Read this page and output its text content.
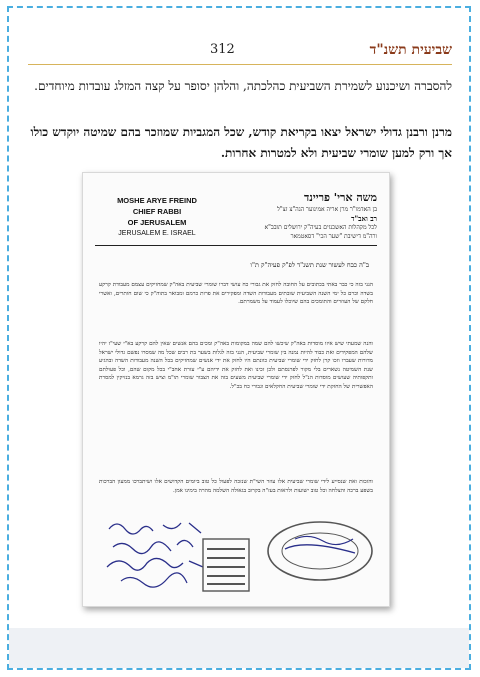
שביעית תשנ"ד
312
להסברה ושיכנוע לשמירת השביעית כהלכתה, והלהן יסופר על קצה המזלג עובדות מיוחדים.
מרנן ורבנן גדולי ישראל יצאו בקריאת קודש, שכל המגביות שמוזכר בהם שמיטה יוקדש כולו אך ורק למען שומרי שביעית ולא למטרות אחרות.
MOSHE ARYE FREIND
CHIEF RABBI
OF JERUSALEM
JERUSALEM E. ISRAEL
משה ארי' פריינד
בן האדמו"ר מרן אריה אמינוער הגה"צ זצ"ל
רב ואב"ד
לכל מקהלות האשכנזים בעיה"ק ירושלים תובב"א
ורה"מ דישיבת "שער הכי" דסאטמאר
ב"ה כבח לעשור שנת תשנ"ד לפ"ק פעיה"ק ת"ו
הנני בזה כי כבר באתי בכתובים על החובה לחזק את גבורי כח עושי דברו שומרי שביעית באה"ק שמחזיקים עצמם מעבודת קרקע בשדה וכרם כל ימי השנה השביעית שובתים מעבודות השדה ומפקירים את פרות כרמם ומבואר בתוה"ק כי שום חותרים, ואשרי חלקם של העוזרים והתומכים בהם שיוכלו לעמוד על משמרתם.
והנה שמעתי שיש איזו מוסדות באה"ק שיכשו להם שמה במקומות באה"ק ומכים בהם אנשים שאין להם קרקע בא"י שעי"ז יהיו שלהם המפקידים ואת כבוד להיות נמנה בין שומרי שביעית, הנני בזה לגלות בשער בת רבים שכל מה שמסרו נפשם גדולי ישראל מדורות שעברו וזכו קרן לחזק ידי שומרי שביעית כוונתם היו לחזק את ידי אנשים שמחזיקים בכל השנה מעבודות השדה ובהגיע שנת השמיטה נשארים בלי מקור לפרנסתם ולכן זכינו ואת לחזק את ידיהם ע"י עזרת אחב"י בכל מקום שהם, וכל פעולתם ותקפותיה שעושים מוסדות הנ"ל לחזק ידי שומרי שביעית משעים בזה את הצבור שומרי תו"מ וציש בזה גרמא בנזיקין למסרת האפשרית של החזקת ידי שומרי שביעית החקלאים וגבורי כח בכ"ל.
והזכות ואת שנסייע לידי שומרי שביעית אלו עוזר השי"ת שנזכה לפעול כל טוב ביומים הקדושים אלו ושיתברכו ממעון הברכות בשפע ברכה והצלחה וכל טוב ישועות ולראות בעז"ה בקרוב בגאולה השלמה מהרה בימינו אמן.
